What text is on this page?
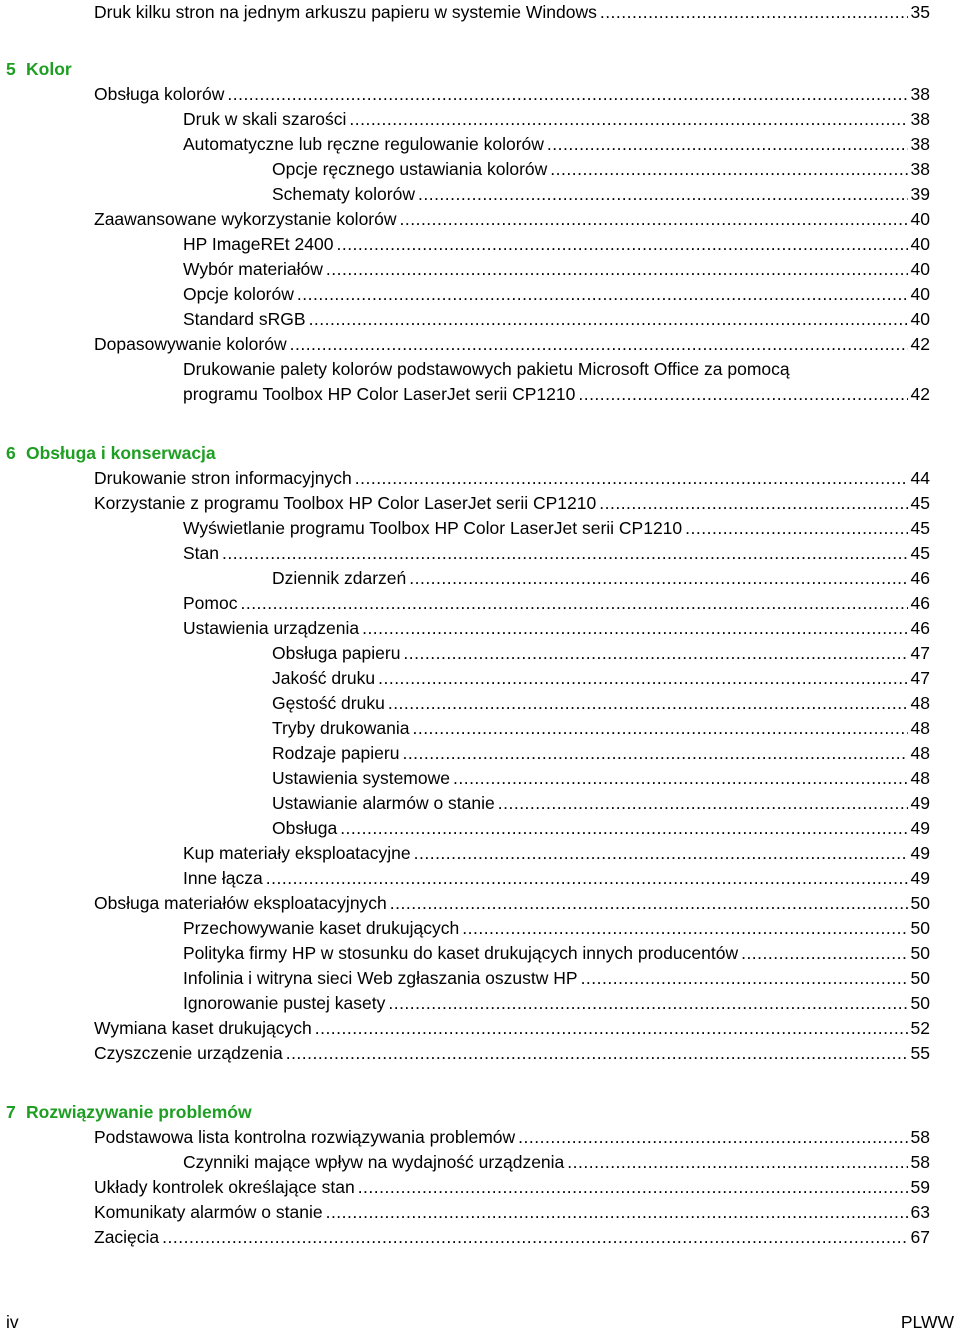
Druk kilku stron na jednym arkuszu papieru w systemie Windows .....	35
5 Kolor
Obsługa kolorów .....	38
Druk w skali szarości .....	38
Automatyczne lub ręczne regulowanie kolorów .....	38
Opcje ręcznego ustawiania kolorów .....	38
Schematy kolorów .....	39
Zaawansowane wykorzystanie kolorów .....	40
HP ImageREt 2400 .....	40
Wybór materiałów .....	40
Opcje kolorów .....	40
Standard sRGB .....	40
Dopasowywanie kolorów .....	42
Drukowanie palety kolorów podstawowych pakietu Microsoft Office za pomocą
programu Toolbox HP Color LaserJet serii CP1210 .....	42
6 Obsługa i konserwacja
Drukowanie stron informacyjnych .....	44
Korzystanie z programu Toolbox HP Color LaserJet serii CP1210 .....	45
Wyświetlanie programu Toolbox HP Color LaserJet serii CP1210 .....	45
Stan .....	45
Dziennik zdarzeń .....	46
Pomoc .....	46
Ustawienia urządzenia .....	46
Obsługa papieru .....	47
Jakość druku .....	47
Gęstość druku .....	48
Tryby drukowania .....	48
Rodzaje papieru .....	48
Ustawienia systemowe .....	48
Ustawianie alarmów o stanie .....	49
Obsługa .....	49
Kup materiały eksploatacyjne .....	49
Inne łącza .....	49
Obsługa materiałów eksploatacyjnych .....	50
Przechowywanie kaset drukujących .....	50
Polityka firmy HP w stosunku do kaset drukujących innych producentów .....	50
Infolinia i witryna sieci Web zgłaszania oszustw HP .....	50
Ignorowanie pustej kasety .....	50
Wymiana kaset drukujących .....	52
Czyszczenie urządzenia .....	55
7 Rozwiązywanie problemów
Podstawowa lista kontrolna rozwiązywania problemów .....	58
Czynniki mające wpływ na wydajność urządzenia .....	58
Układy kontrolek określające stan .....	59
Komunikaty alarmów o stanie .....	63
Zacięcia .....	67
iv	PLWW
